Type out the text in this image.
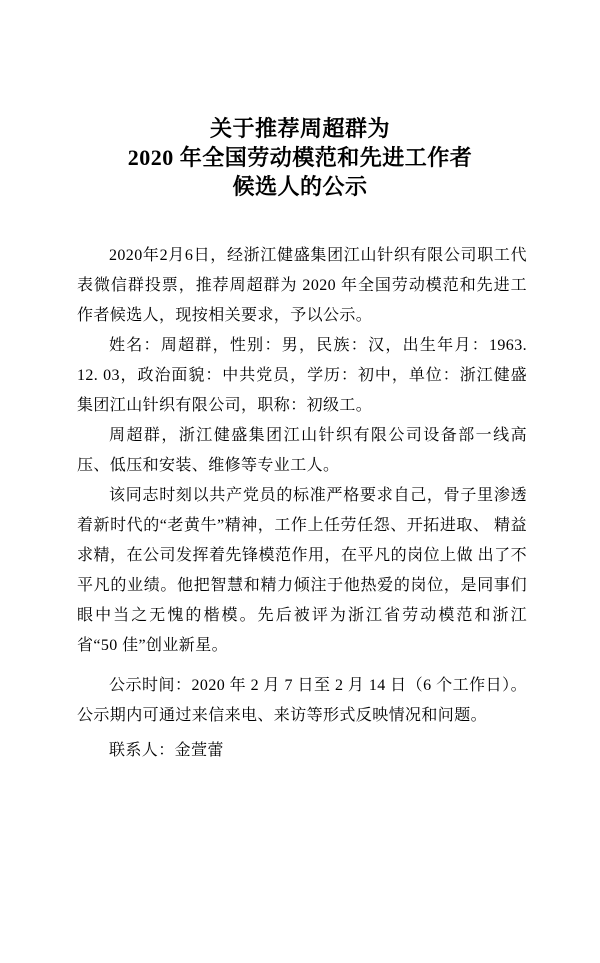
关于推荐周超群为
2020 年全国劳动模范和先进工作者
候选人的公示

2020年2月6日，经浙江健盛集团江山针织有限公司职工代表微信群投票，推荐周超群为 2020 年全国劳动模范和先进工作者候选人，现按相关要求，予以公示。

姓名：周超群，性别：男，民族：汉，出生年月：1963. 12. 03，政治面貌：中共党员，学历：初中，单位：浙江健盛集团江山针织有限公司，职称：初级工。

周超群，浙江健盛集团江山针织有限公司设备部一线高压、低压和安装、维修等专业工人。

该同志时刻以共产党员的标准严格要求自己，骨子里渗透着新时代的“老黄牛”精神，工作上任劳任怨、开拓进取、 精益求精，在公司发挥着先锋模范作用，在平凡的岗位上做 出了不平凡的业绩。他把智慧和精力倾注于他热爱的岗位，是同事们眼中当之无愧的楷模。先后被评为浙江省劳动模范和浙江省“50 佳”创业新星。

公示时间：2020 年 2 月 7 日至 2 月 14 日（6 个工作日）。公示期内可通过来信来电、来访等形式反映情况和问题。

联系人：金萱蕾
